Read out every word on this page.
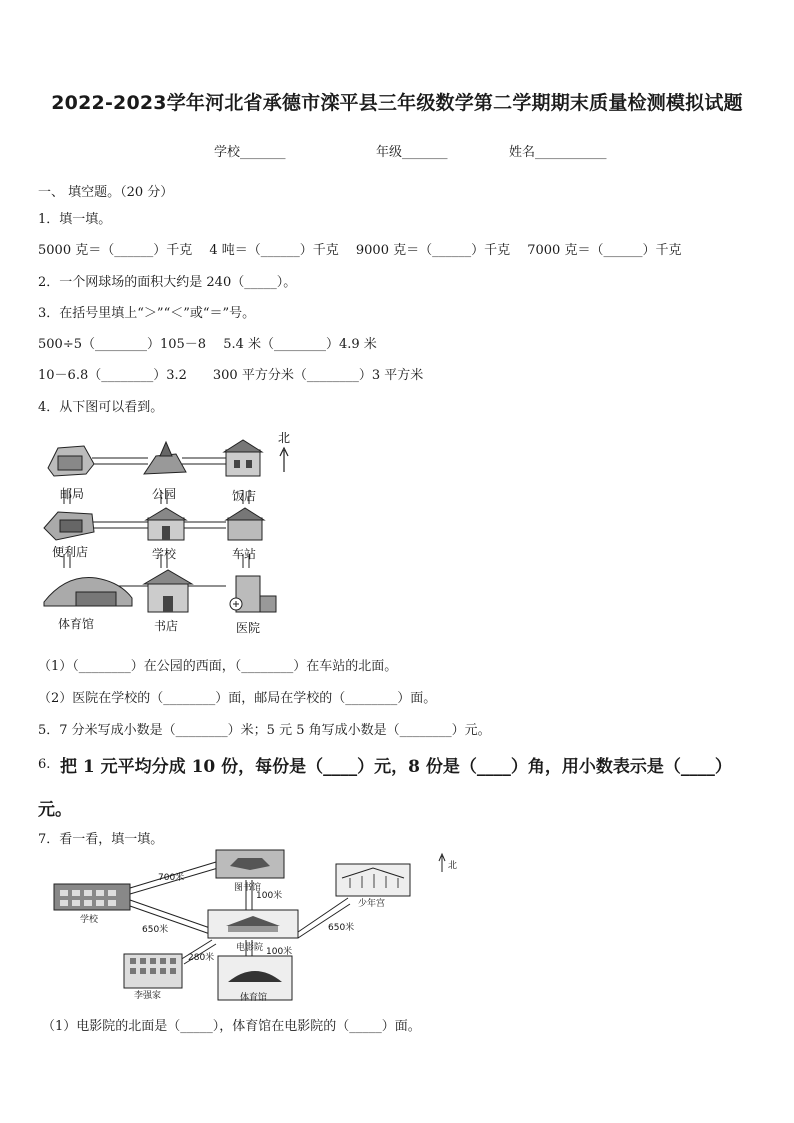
2022-2023学年河北省承德市滦平县三年级数学第二学期期末质量检测模拟试题
学校_______	年级_______	姓名___________
一、 填空题。（20 分）
1．填一填。
5000 克＝（______）千克　 4 吨＝（______）千克　 9000 克＝（______）千克　 7000 克＝（______）千克
2．一个网球场的面积大约是 240（_____）。
3．在括号里填上“＞”“＜”或“＝”号。
500÷5（________）105－8　 5.4 米（________）4.9 米
10－6.8（________）3.2　　300 平方分米（________）3 平方米
4．从下图可以看到。
北
邮局	公园	饭店
便利店	学校	车站
体育馆	书店	医院
（1）（________）在公园的西面，（________）在车站的北面。
（2）医院在学校的（________）面，邮局在学校的（________）面。
5．7 分米写成小数是（________）米；5 元 5 角写成小数是（________）元。
6. 把 1 元平均分成 10 份，每份是（____）元，8 份是（____）角，用小数表示是（____）
元。
7．看一看，填一填。
北
图书馆
学校
少年宫
电影院
李强家	体育馆
700米
100米
650米	650米
280米
100米
（1）电影院的北面是（_____），体育馆在电影院的（_____）面。
